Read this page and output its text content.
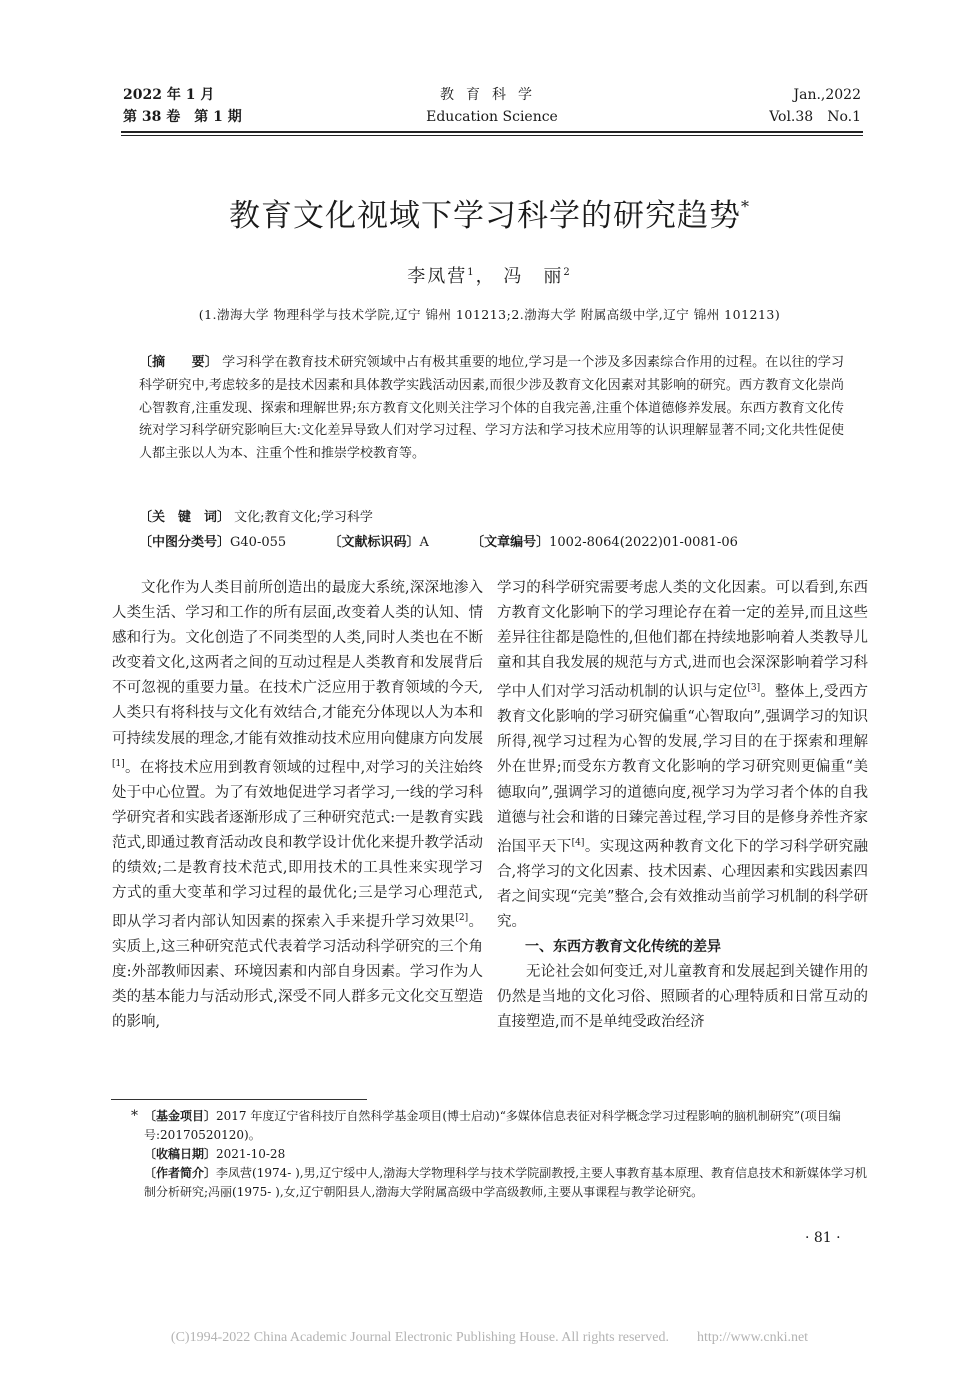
2022 年 1 月
第 38 卷　第 1 期
教育科学
Education Science
Jan.,2022
Vol.38　No.1
教育文化视域下学习科学的研究趋势*
李凤营$^1$， 冯　丽$^2$
(1.渤海大学 物理科学与技术学院,辽宁 锦州 101213;2.渤海大学 附属高级中学,辽宁 锦州 101213)
〔摘　　要〕 学习科学在教育技术研究领域中占有极其重要的地位,学习是一个涉及多因素综合作用的过程。在以往的学习科学研究中,考虑较多的是技术因素和具体教学实践活动因素,而很少涉及教育文化因素对其影响的研究。西方教育文化崇尚心智教育,注重发现、探索和理解世界;东方教育文化则关注学习个体的自我完善,注重个体道德修养发展。东西方教育文化传统对学习科学研究影响巨大:文化差异导致人们对学习过程、学习方法和学习技术应用等的认识理解显著不同;文化共性促使人都主张以人为本、注重个性和推崇学校教育等。
〔关　键　词〕 文化;教育文化;学习科学
〔中图分类号〕G40-055	〔文献标识码〕A	〔文章编号〕1002-8064(2022)01-0081-06

文化作为人类目前所创造出的最庞大系统,深深地渗入人类生活、学习和工作的所有层面,改变着人类的认知、情感和行为。文化创造了不同类型的人类,同时人类也在不断改变着文化,这两者之间的互动过程是人类教育和发展背后不可忽视的重要力量。在技术广泛应用于教育领域的今天,人类只有将科技与文化有效结合,才能充分体现以人为本和可持续发展的理念,才能有效推动技术应用向健康方向发展[1]。在将技术应用到教育领域的过程中,对学习的关注始终处于中心位置。为了有效地促进学习者学习,一线的学习科学研究者和实践者逐渐形成了三种研究范式:一是教育实践范式,即通过教育活动改良和教学设计优化来提升教学活动的绩效;二是教育技术范式,即用技术的工具性来实现学习方式的重大变革和学习过程的最优化;三是学习心理范式,即从学习者内部认知因素的探索入手来提升学习效果[2]。实质上,这三种研究范式代表着学习活动科学研究的三个角度:外部教师因素、环境因素和内部自身因素。学习作为人类的基本能力与活动形式,深受不同人群多元文化交互塑造的影响,

学习的科学研究需要考虑人类的文化因素。可以看到,东西方教育文化影响下的学习理论存在着一定的差异,而且这些差异往往都是隐性的,但他们都在持续地影响着人类教导儿童和其自我发展的规范与方式,进而也会深深影响着学习科学中人们对学习活动机制的认识与定位[3]。整体上,受西方教育文化影响的学习研究偏重“心智取向”,强调学习的知识所得,视学习过程为心智的发展,学习目的在于探索和理解外在世界;而受东方教育文化影响的学习研究则更偏重“美德取向”,强调学习的道德向度,视学习为学习者个体的自我道德与社会和谐的日臻完善过程,学习目的是修身养性齐家治国平天下[4]。实现这两种教育文化下的学习科学研究融合,将学习的文化因素、技术因素、心理因素和实践因素四者之间实现“完美”整合,会有效推动当前学习机制的科学研究。

一、东西方教育文化传统的差异

无论社会如何变迁,对儿童教育和发展起到关键作用的仍然是当地的文化习俗、照顾者的心理特质和日常互动的直接塑造,而不是单纯受政治经济

* 〔基金项目〕2017 年度辽宁省科技厅自然科学基金项目(博士启动)“多媒体信息表征对科学概念学习过程影响的脑机制研究”(项目编号:20170520120)。

〔收稿日期〕2021-10-28

〔作者简介〕李凤营(1974- ),男,辽宁绥中人,渤海大学物理科学与技术学院副教授,主要人事教育基本原理、教育信息技术和新媒体学习机制分析研究;冯丽(1975- ),女,辽宁朝阳县人,渤海大学附属高级中学高级教师,主要从事课程与教学论研究。

· 81 ·
(C)1994-2022 China Academic Journal Electronic Publishing House. All rights reserved.　　http://www.cnki.net
